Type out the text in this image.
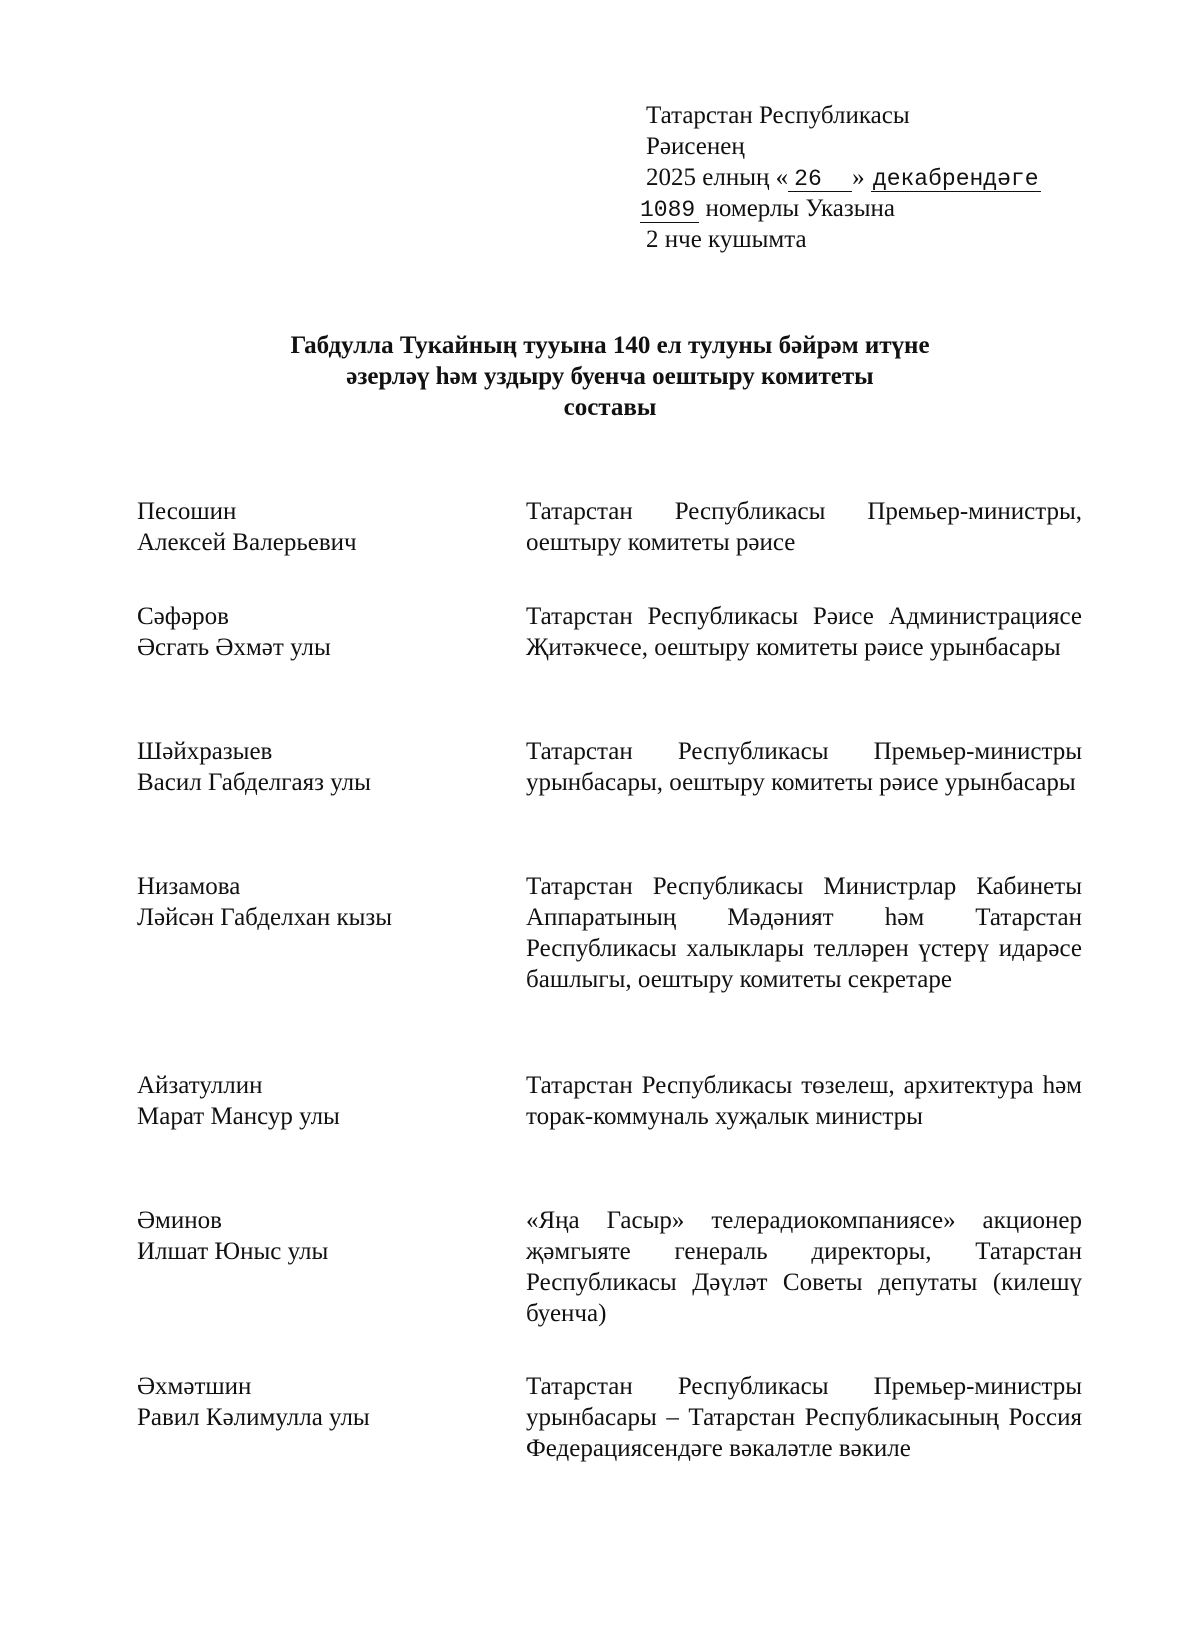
Татарстан Республикасы
Рәисенең
2025 елның « 26 » декабрендәге
1089 номерлы Указына
2 нче кушымта
Габдулла Тукайның тууына 140 ел тулуны бәйрәм итүне
әзерләү һәм уздыру буенча оештыру комитеты
составы
Песошин
Алексей Валерьевич
Татарстан Республикасы Премьер-министры, оештыру комитеты рәисе
Сәфәров
Әсгать Әхмәт улы
Татарстан Республикасы Рәисе Администрациясе Җитәкчесе, оештыру комитеты рәисе урынбасары
Шәйхразыев
Васил Габделгаяз улы
Татарстан Республикасы Премьер-министры урынбасары, оештыру комитеты рәисе урынбасары
Низамова
Ләйсән Габделхан кызы
Татарстан Республикасы Министрлар Кабинеты Аппаратының Мәдәният һәм Татарстан Республикасы халыклары телләрен үстерү идарәсе башлыгы, оештыру комитеты секретаре
Айзатуллин
Марат Мансур улы
Татарстан Республикасы төзелеш, архитектура һәм торак-коммуналь хуҗалык министры
Әминов
Илшат Юныс улы
«Яңа Гасыр» телерадиокомпаниясе» акционер җәмгыяте генераль директоры, Татарстан Республикасы Дәүләт Советы депутаты (килешү буенча)
Әхмәтшин
Равил Кәлимулла улы
Татарстан Республикасы Премьер-министры урынбасары – Татарстан Республикасының Россия Федерациясендәге вәкаләтле вәкиле
